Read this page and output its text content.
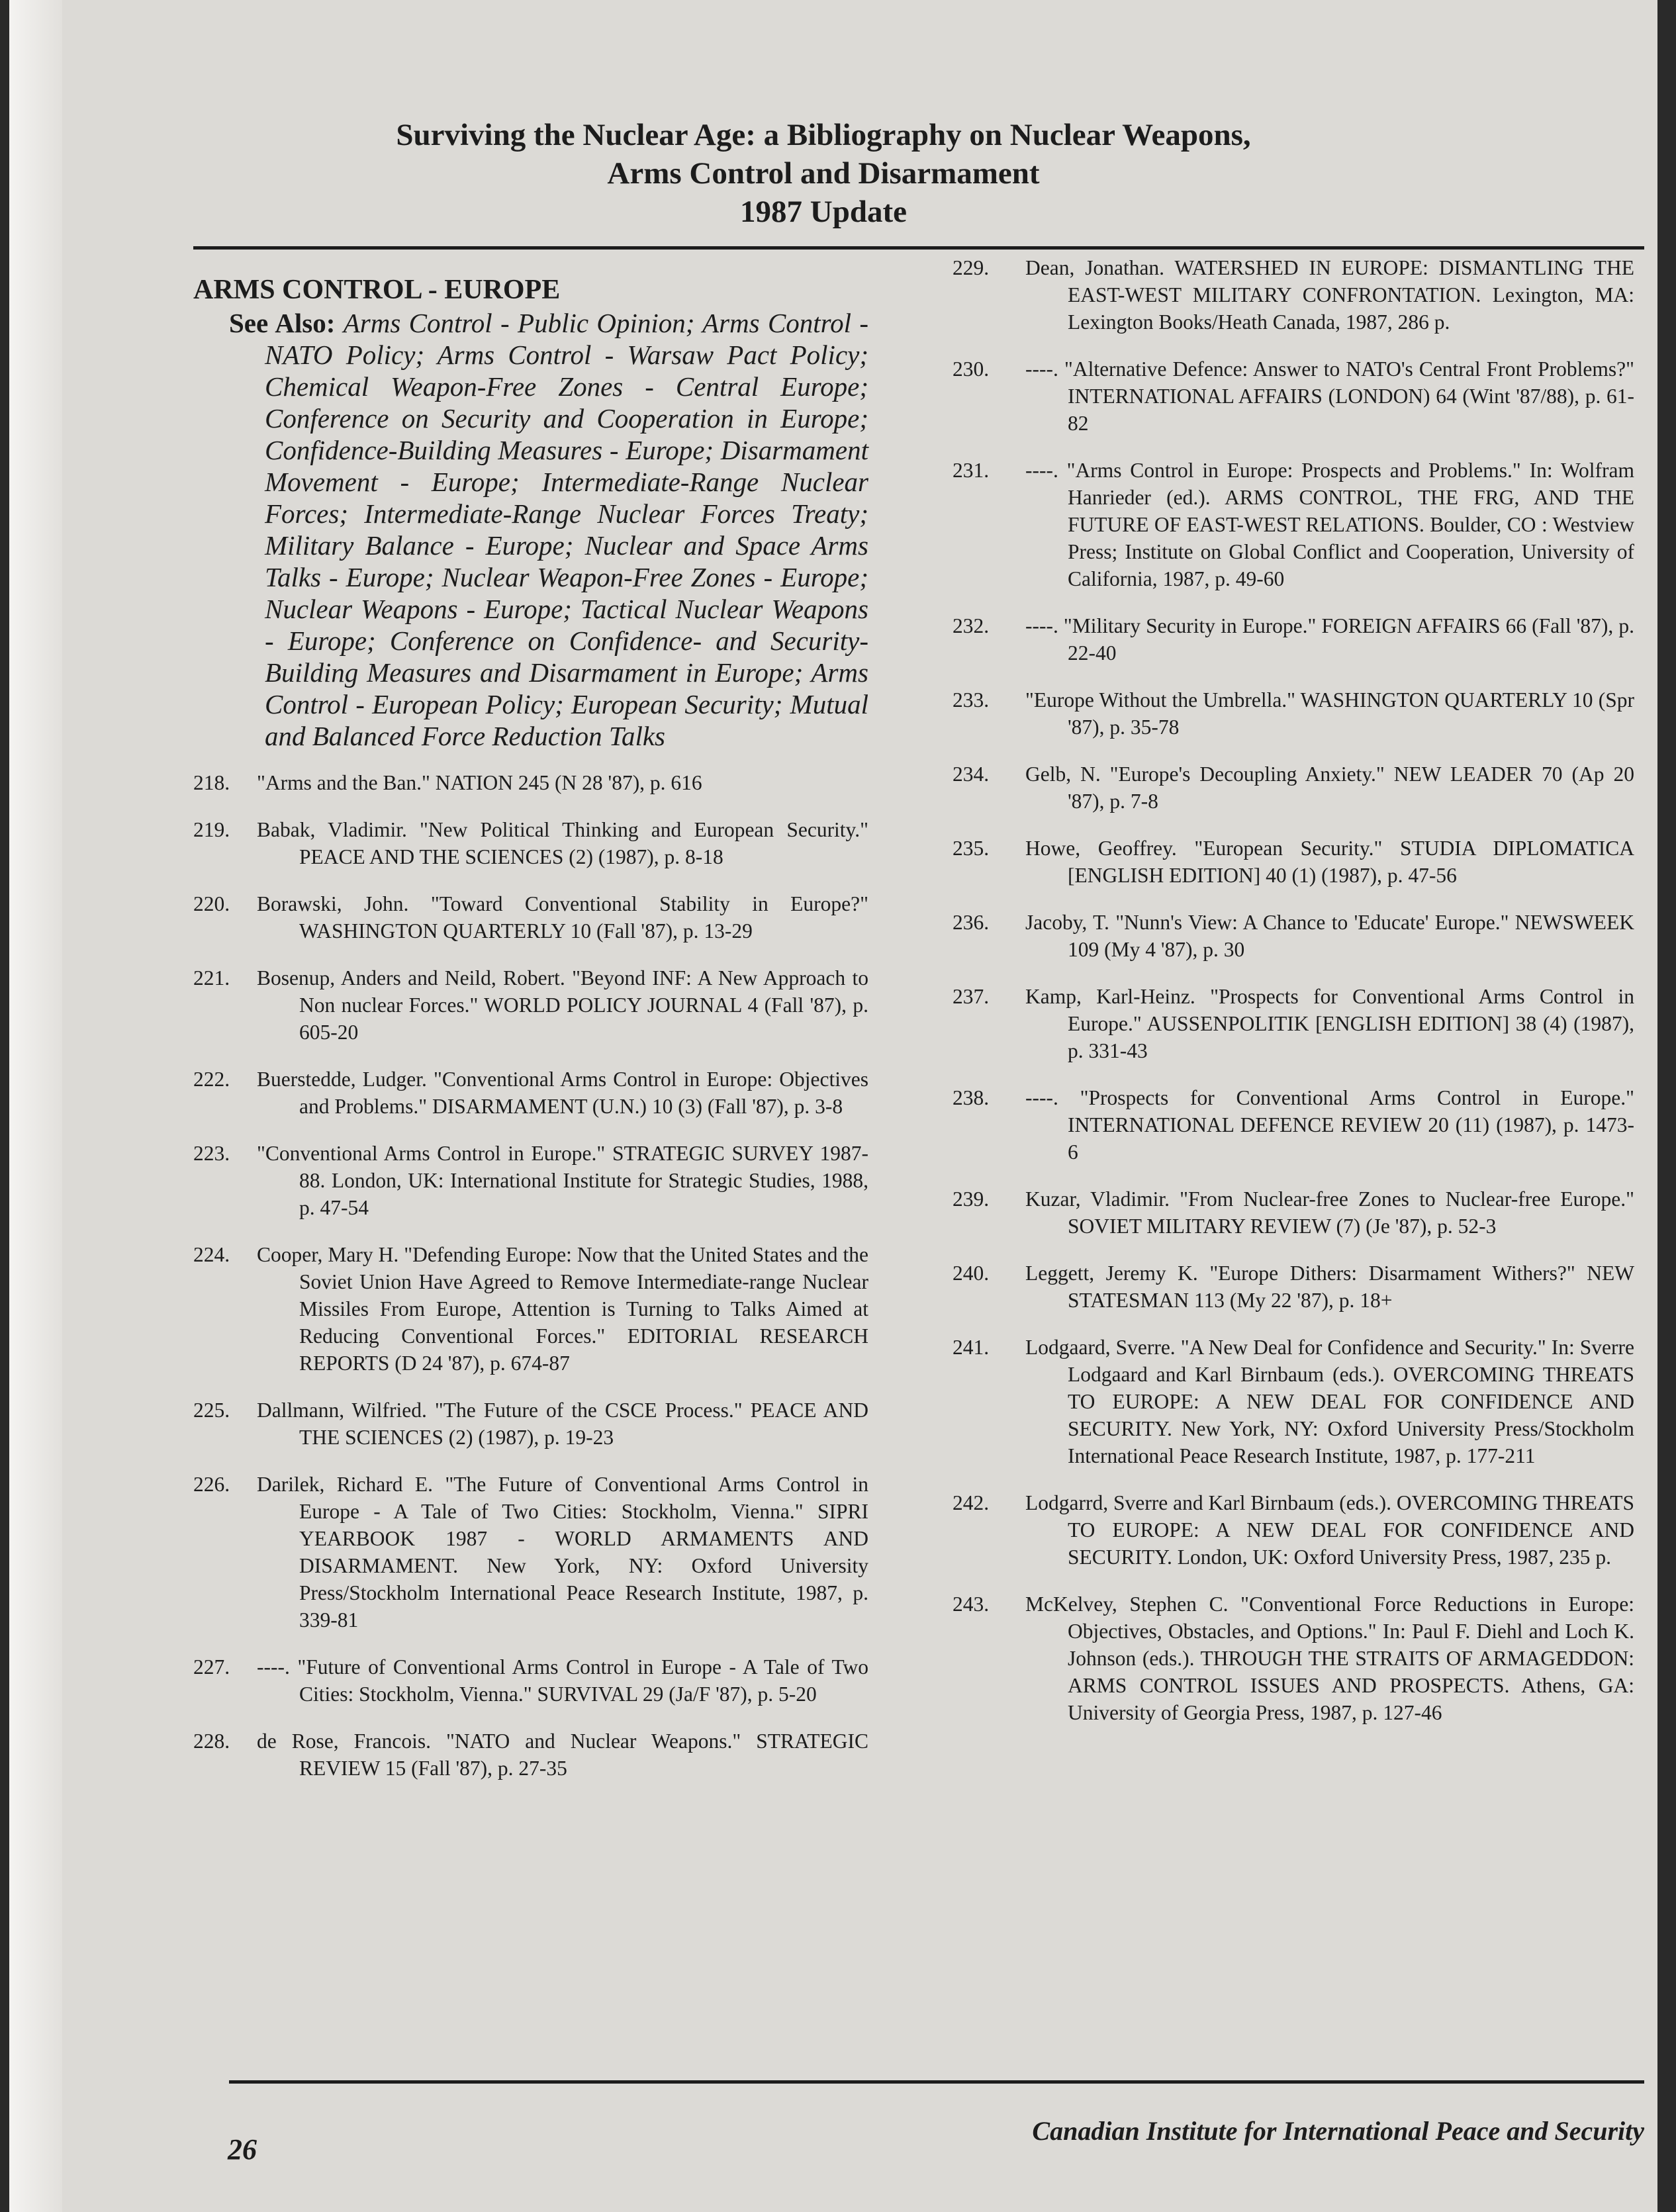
Surviving the Nuclear Age: a Bibliography on Nuclear Weapons,
Arms Control and Disarmament
1987 Update
ARMS CONTROL - EUROPE

See Also: Arms Control - Public Opinion; Arms Control - NATO Policy; Arms Control - Warsaw Pact Policy; Chemical Weapon-Free Zones - Central Europe; Conference on Security and Cooperation in Europe; Confidence-Building Measures - Europe; Disarmament Movement - Europe; Intermediate-Range Nuclear Forces; Intermediate-Range Nuclear Forces Treaty; Military Balance - Europe; Nuclear and Space Arms Talks - Europe; Nuclear Weapon-Free Zones - Europe; Nuclear Weapons - Europe; Tactical Nuclear Weapons - Europe; Conference on Confidence- and Security-Building Measures and Disarmament in Europe; Arms Control - European Policy; European Security; Mutual and Balanced Force Reduction Talks

218.	"Arms and the Ban." NATION 245 (N 28 '87), p. 616
219.	Babak, Vladimir. "New Political Thinking and European Security." PEACE AND THE SCIENCES (2) (1987), p. 8-18
220.	Borawski, John. "Toward Conventional Stability in Europe?" WASHINGTON QUARTERLY 10 (Fall '87), p. 13-29
221.	Bosenup, Anders and Neild, Robert. "Beyond INF: A New Approach to Non nuclear Forces." WORLD POLICY JOURNAL 4 (Fall '87), p. 605-20
222.	Buerstedde, Ludger. "Conventional Arms Control in Europe: Objectives and Problems." DISARMAMENT (U.N.) 10 (3) (Fall '87), p. 3-8
223.	"Conventional Arms Control in Europe." STRATEGIC SURVEY 1987-88. London, UK: International Institute for Strategic Studies, 1988, p. 47-54
224.	Cooper, Mary H. "Defending Europe: Now that the United States and the Soviet Union Have Agreed to Remove Intermediate-range Nuclear Missiles From Europe, Attention is Turning to Talks Aimed at Reducing Conventional Forces." EDITORIAL RESEARCH REPORTS (D 24 '87), p. 674-87
225.	Dallmann, Wilfried. "The Future of the CSCE Process." PEACE AND THE SCIENCES (2) (1987), p. 19-23
226.	Darilek, Richard E. "The Future of Conventional Arms Control in Europe - A Tale of Two Cities: Stockholm, Vienna." SIPRI YEARBOOK 1987 - WORLD ARMAMENTS AND DISARMAMENT. New York, NY: Oxford University Press/Stockholm International Peace Research Institute, 1987, p. 339-81
227.	----. "Future of Conventional Arms Control in Europe - A Tale of Two Cities: Stockholm, Vienna." SURVIVAL 29 (Ja/F '87), p. 5-20
228.	de Rose, Francois. "NATO and Nuclear Weapons." STRATEGIC REVIEW 15 (Fall '87), p. 27-35
229.	Dean, Jonathan. WATERSHED IN EUROPE: DISMANTLING THE EAST-WEST MILITARY CONFRONTATION. Lexington, MA: Lexington Books/Heath Canada, 1987, 286 p.
230.	----. "Alternative Defence: Answer to NATO's Central Front Problems?" INTERNATIONAL AFFAIRS (LONDON) 64 (Wint '87/88), p. 61-82
231.	----. "Arms Control in Europe: Prospects and Problems." In: Wolfram Hanrieder (ed.). ARMS CONTROL, THE FRG, AND THE FUTURE OF EAST-WEST RELATIONS. Boulder, CO : Westview Press; Institute on Global Conflict and Cooperation, University of California, 1987, p. 49-60
232.	----. "Military Security in Europe." FOREIGN AFFAIRS 66 (Fall '87), p. 22-40
233.	"Europe Without the Umbrella." WASHINGTON QUARTERLY 10 (Spr '87), p. 35-78
234.	Gelb, N. "Europe's Decoupling Anxiety." NEW LEADER 70 (Ap 20 '87), p. 7-8
235.	Howe, Geoffrey. "European Security." STUDIA DIPLOMATICA [ENGLISH EDITION] 40 (1) (1987), p. 47-56
236.	Jacoby, T. "Nunn's View: A Chance to 'Educate' Europe." NEWSWEEK 109 (My 4 '87), p. 30
237.	Kamp, Karl-Heinz. "Prospects for Conventional Arms Control in Europe." AUSSENPOLITIK [ENGLISH EDITION] 38 (4) (1987), p. 331-43
238.	----. "Prospects for Conventional Arms Control in Europe." INTERNATIONAL DEFENCE REVIEW 20 (11) (1987), p. 1473-6
239.	Kuzar, Vladimir. "From Nuclear-free Zones to Nuclear-free Europe." SOVIET MILITARY REVIEW (7) (Je '87), p. 52-3
240.	Leggett, Jeremy K. "Europe Dithers: Disarmament Withers?" NEW STATESMAN 113 (My 22 '87), p. 18+
241.	Lodgaard, Sverre. "A New Deal for Confidence and Security." In: Sverre Lodgaard and Karl Birnbaum (eds.). OVERCOMING THREATS TO EUROPE: A NEW DEAL FOR CONFIDENCE AND SECURITY. New York, NY: Oxford University Press/Stockholm International Peace Research Institute, 1987, p. 177-211
242.	Lodgarrd, Sverre and Karl Birnbaum (eds.). OVERCOMING THREATS TO EUROPE: A NEW DEAL FOR CONFIDENCE AND SECURITY. London, UK: Oxford University Press, 1987, 235 p.
243.	McKelvey, Stephen C. "Conventional Force Reductions in Europe: Objectives, Obstacles, and Options." In: Paul F. Diehl and Loch K. Johnson (eds.). THROUGH THE STRAITS OF ARMAGEDDON: ARMS CONTROL ISSUES AND PROSPECTS. Athens, GA: University of Georgia Press, 1987, p. 127-46
26
Canadian Institute for International Peace and Security
